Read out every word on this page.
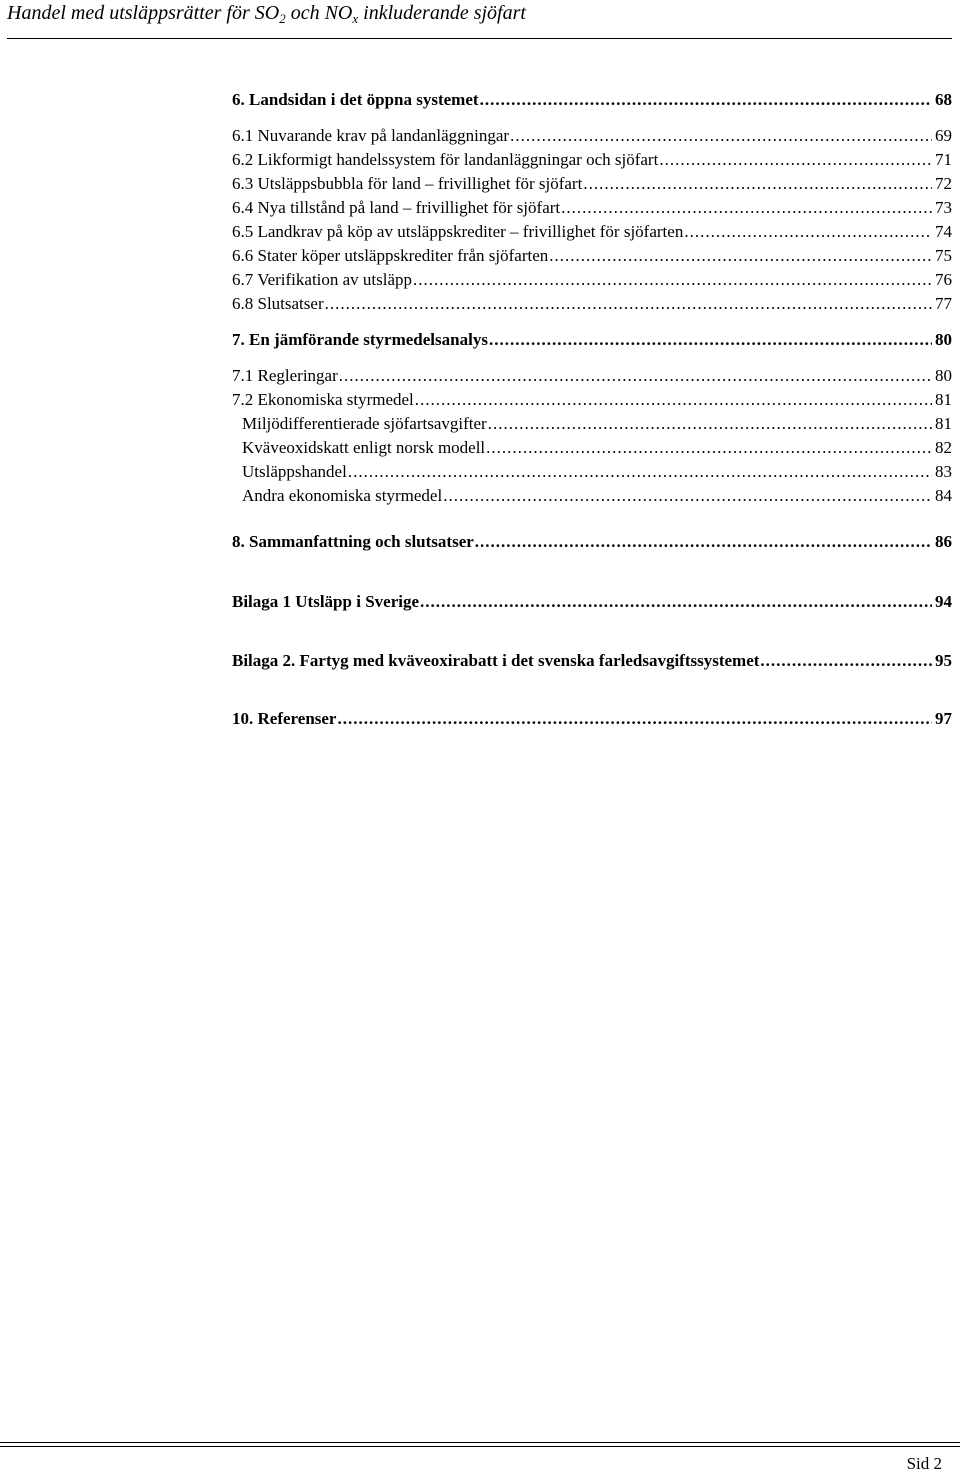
Handel med utsläppsrätter för $SO_2$ och $NO_x$ inkluderande sjöfart
6. Landsidan i det öppna systemet .....	68
6.1 Nuvarande krav på landanläggningar .....	69
6.2 Likformigt handelssystem för landanläggningar och sjöfart .....	71
6.3 Utsläppsbubbla för land – frivillighet för sjöfart .....	72
6.4 Nya tillstånd på land – frivillighet för sjöfart .....	73
6.5 Landkrav på köp av utsläppskrediter – frivillighet för sjöfarten .....	74
6.6 Stater köper utsläppskrediter från sjöfarten .....	75
6.7 Verifikation av utsläpp .....	76
6.8 Slutsatser .....	77
7. En jämförande styrmedelsanalys .....	80
7.1 Regleringar .....	80
7.2 Ekonomiska styrmedel .....	81
Miljödifferentierade sjöfartsavgifter .....	81
Kväveoxidskatt enligt norsk modell .....	82
Utsläppshandel .....	83
Andra ekonomiska styrmedel .....	84
8. Sammanfattning och slutsatser .....	86
Bilaga 1 Utsläpp i Sverige .....	94
Bilaga 2. Fartyg med kväveoxirabatt i det svenska farledsavgiftssystemet .....	95
10. Referenser .....	97
Sid 2
